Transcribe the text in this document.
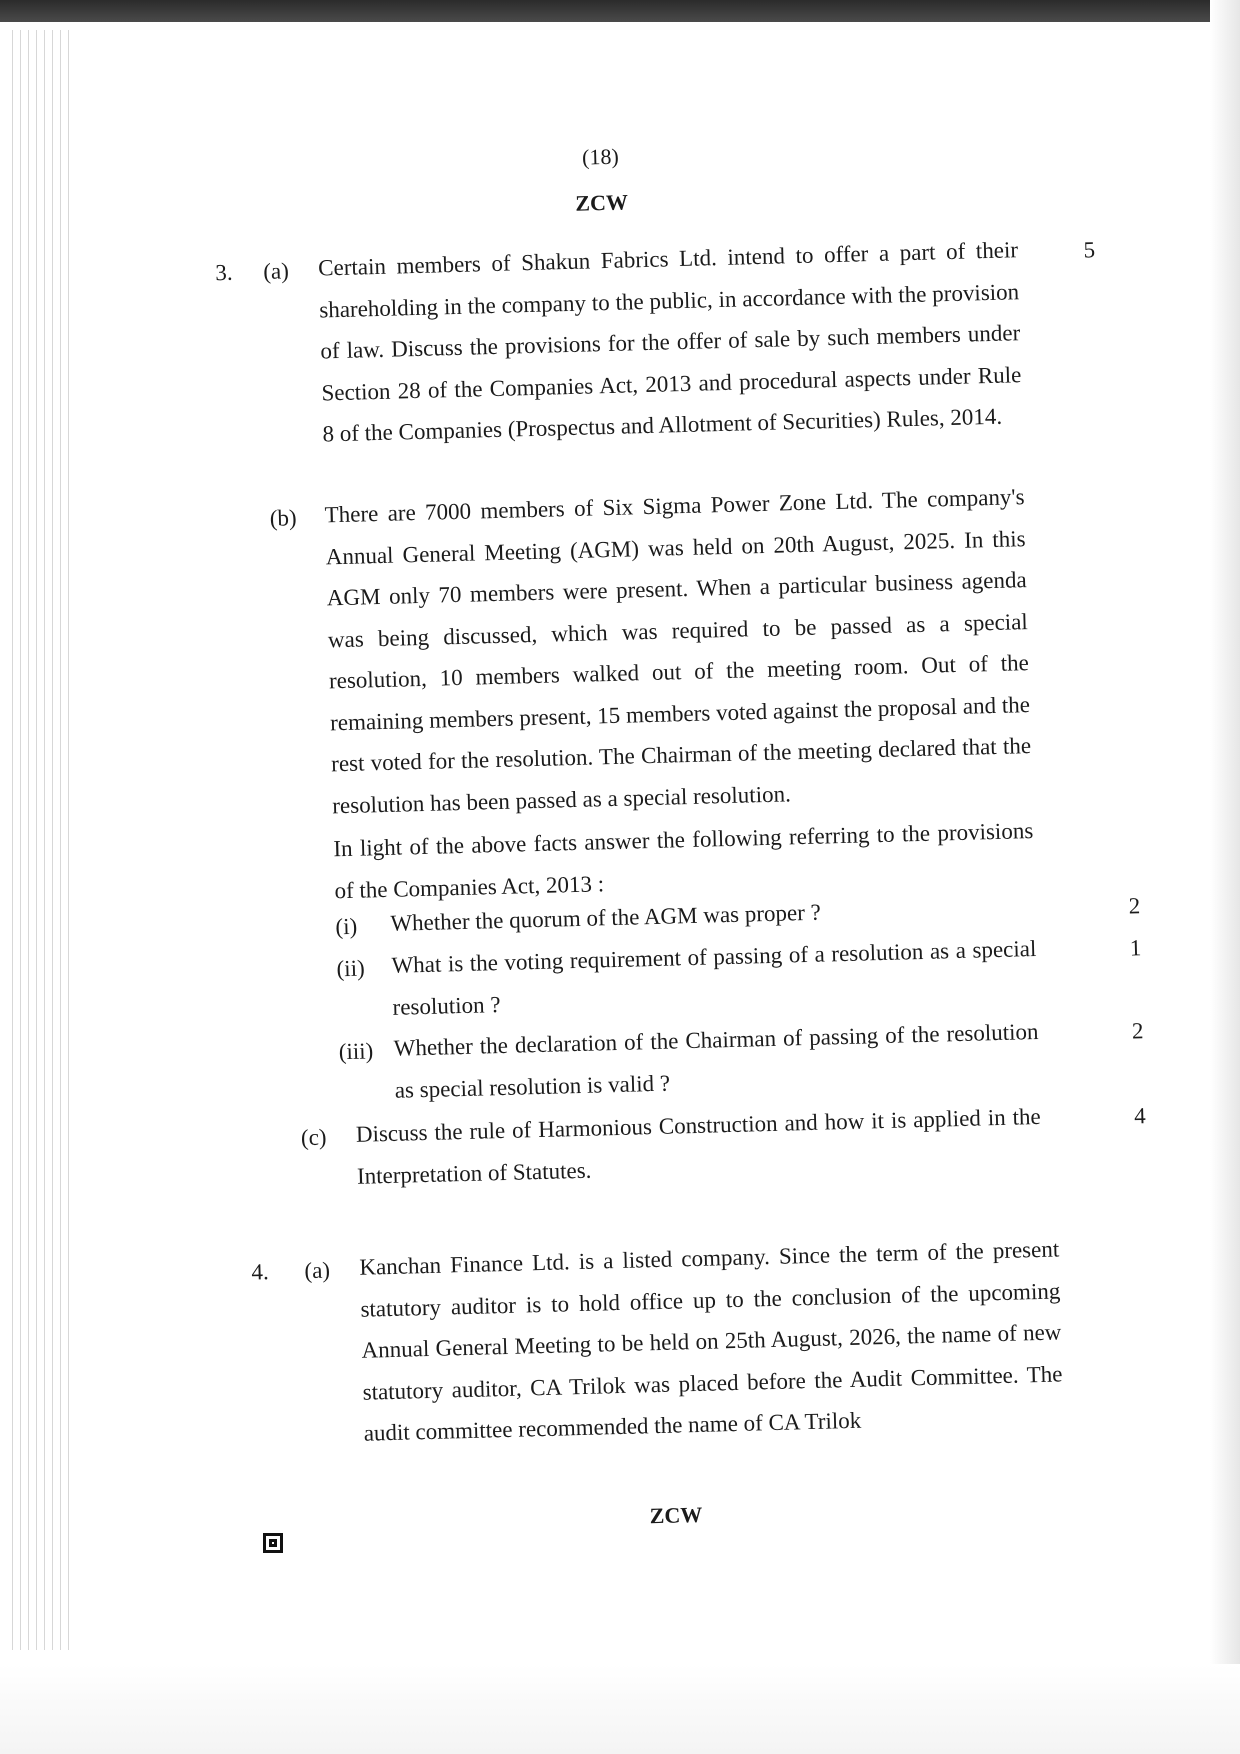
(18)
ZCW
3. (a) Certain members of Shakun Fabrics Ltd. intend to offer a part of their shareholding in the company to the public, in accordance with the provision of law. Discuss the provisions for the offer of sale by such members under Section 28 of the Companies Act, 2013 and procedural aspects under Rule 8 of the Companies (Prospectus and Allotment of Securities) Rules, 2014.
5
(b) There are 7000 members of Six Sigma Power Zone Ltd. The company's Annual General Meeting (AGM) was held on 20th August, 2025. In this AGM only 70 members were present. When a particular business agenda was being discussed, which was required to be passed as a special resolution, 10 members walked out of the meeting room. Out of the remaining members present, 15 members voted against the proposal and the rest voted for the resolution. The Chairman of the meeting declared that the resolution has been passed as a special resolution.
In light of the above facts answer the following referring to the provisions of the Companies Act, 2013 :
(i) Whether the quorum of the AGM was proper ?	2
(ii) What is the voting requirement of passing of a resolution as a special resolution ?
1
(iii) Whether the declaration of the Chairman of passing of the resolution as special resolution is valid ?
2
(c) Discuss the rule of Harmonious Construction and how it is applied in the Interpretation of Statutes.
4
4. (a) Kanchan Finance Ltd. is a listed company. Since the term of the present statutory auditor is to hold office up to the conclusion of the upcoming Annual General Meeting to be held on 25th August, 2026, the name of new statutory auditor, CA Trilok was placed before the Audit Committee. The audit committee recommended the name of CA Trilok
ZCW
